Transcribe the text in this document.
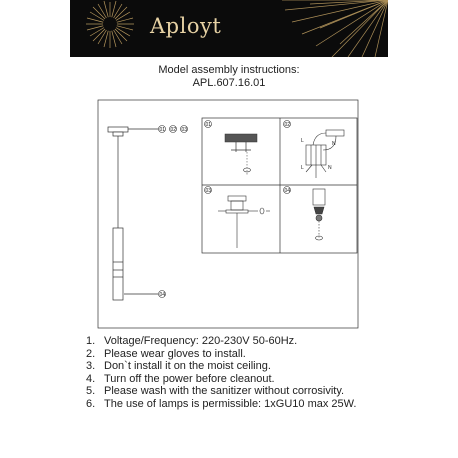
Aployt
Model assembly instructions:
APL.607.16.01
01 02 03
04
01	02
03	04
L	N
L	N
1. Voltage/Frequency: 220-230V 50-60Hz.
2. Please wear gloves to install.
3. Don`t install it on the moist ceiling.
4. Turn off the power before cleanout.
5. Please wash with the sanitizer without corrosivity.
6. The use of lamps is permissible: 1xGU10 max 25W.
